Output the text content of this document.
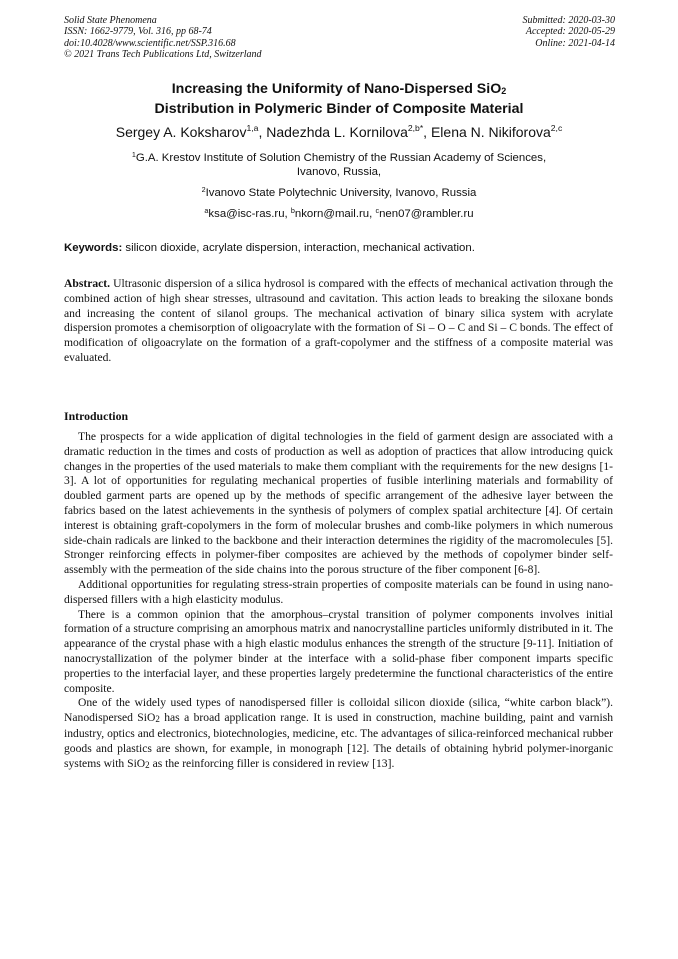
Solid State Phenomena
ISSN: 1662-9779, Vol. 316, pp 68-74
doi:10.4028/www.scientific.net/SSP.316.68
© 2021 Trans Tech Publications Ltd, Switzerland
Submitted: 2020-03-30
Accepted: 2020-05-29
Online: 2021-04-14
Increasing the Uniformity of Nano-Dispersed SiO2
Distribution in Polymeric Binder of Composite Material
Sergey A. Koksharov$^{1,a}$, Nadezhda L. Kornilova$^{2,b*}$, Elena N. Nikiforova$^{2,c}$
$^1$G.A. Krestov Institute of Solution Chemistry of the Russian Academy of Sciences,
Ivanovo, Russia,
$^2$Ivanovo State Polytechnic University, Ivanovo, Russia
$^a$ksa@isc-ras.ru, $^b$nkorn@mail.ru, $^c$nen07@rambler.ru
Keywords: silicon dioxide, acrylate dispersion, interaction, mechanical activation.

Abstract. Ultrasonic dispersion of a silica hydrosol is compared with the effects of mechanical activation through the combined action of high shear stresses, ultrasound and cavitation. This action leads to breaking the siloxane bonds and increasing the content of silanol groups. The mechanical activation of binary silica system with acrylate dispersion promotes a chemisorption of oligoacrylate with the formation of Si – O – C and Si – C bonds. The effect of modification of oligoacrylate on the formation of a graft-copolymer and the stiffness of a composite material was evaluated.

Introduction

The prospects for a wide application of digital technologies in the field of garment design are associated with a dramatic reduction in the times and costs of production as well as adoption of practices that allow introducing quick changes in the properties of the used materials to make them compliant with the requirements for the new designs [1-3]. A lot of opportunities for regulating mechanical properties of fusible interlining materials and formability of doubled garment parts are opened up by the methods of specific arrangement of the adhesive layer between the fabrics based on the latest achievements in the synthesis of polymers of complex spatial architecture [4]. Of certain interest is obtaining graft-copolymers in the form of molecular brushes and comb-like polymers in which numerous side-chain radicals are linked to the backbone and their interaction determines the rigidity of the macromolecules [5]. Stronger reinforcing effects in polymer-fiber composites are achieved by the methods of copolymer binder self-assembly with the permeation of the side chains into the porous structure of the fiber component [6-8].

Additional opportunities for regulating stress-strain properties of composite materials can be found in using nano-dispersed fillers with a high elasticity modulus.

There is a common opinion that the amorphous–crystal transition of polymer components involves initial formation of a structure comprising an amorphous matrix and nanocrystalline particles uniformly distributed in it. The appearance of the crystal phase with a high elastic modulus enhances the strength of the structure [9-11]. Initiation of nanocrystallization of the polymer binder at the interface with a solid-phase fiber component imparts specific properties to the interfacial layer, and these properties largely predetermine the functional characteristics of the entire composite.

One of the widely used types of nanodispersed filler is colloidal silicon dioxide (silica, “white carbon black”). Nanodispersed SiO2 has a broad application range. It is used in construction, machine building, paint and varnish industry, optics and electronics, biotechnologies, medicine, etc. The advantages of silica-reinforced mechanical rubber goods and plastics are shown, for example, in monograph [12]. The details of obtaining hybrid polymer-inorganic systems with SiO2 as the reinforcing filler is considered in review [13].
